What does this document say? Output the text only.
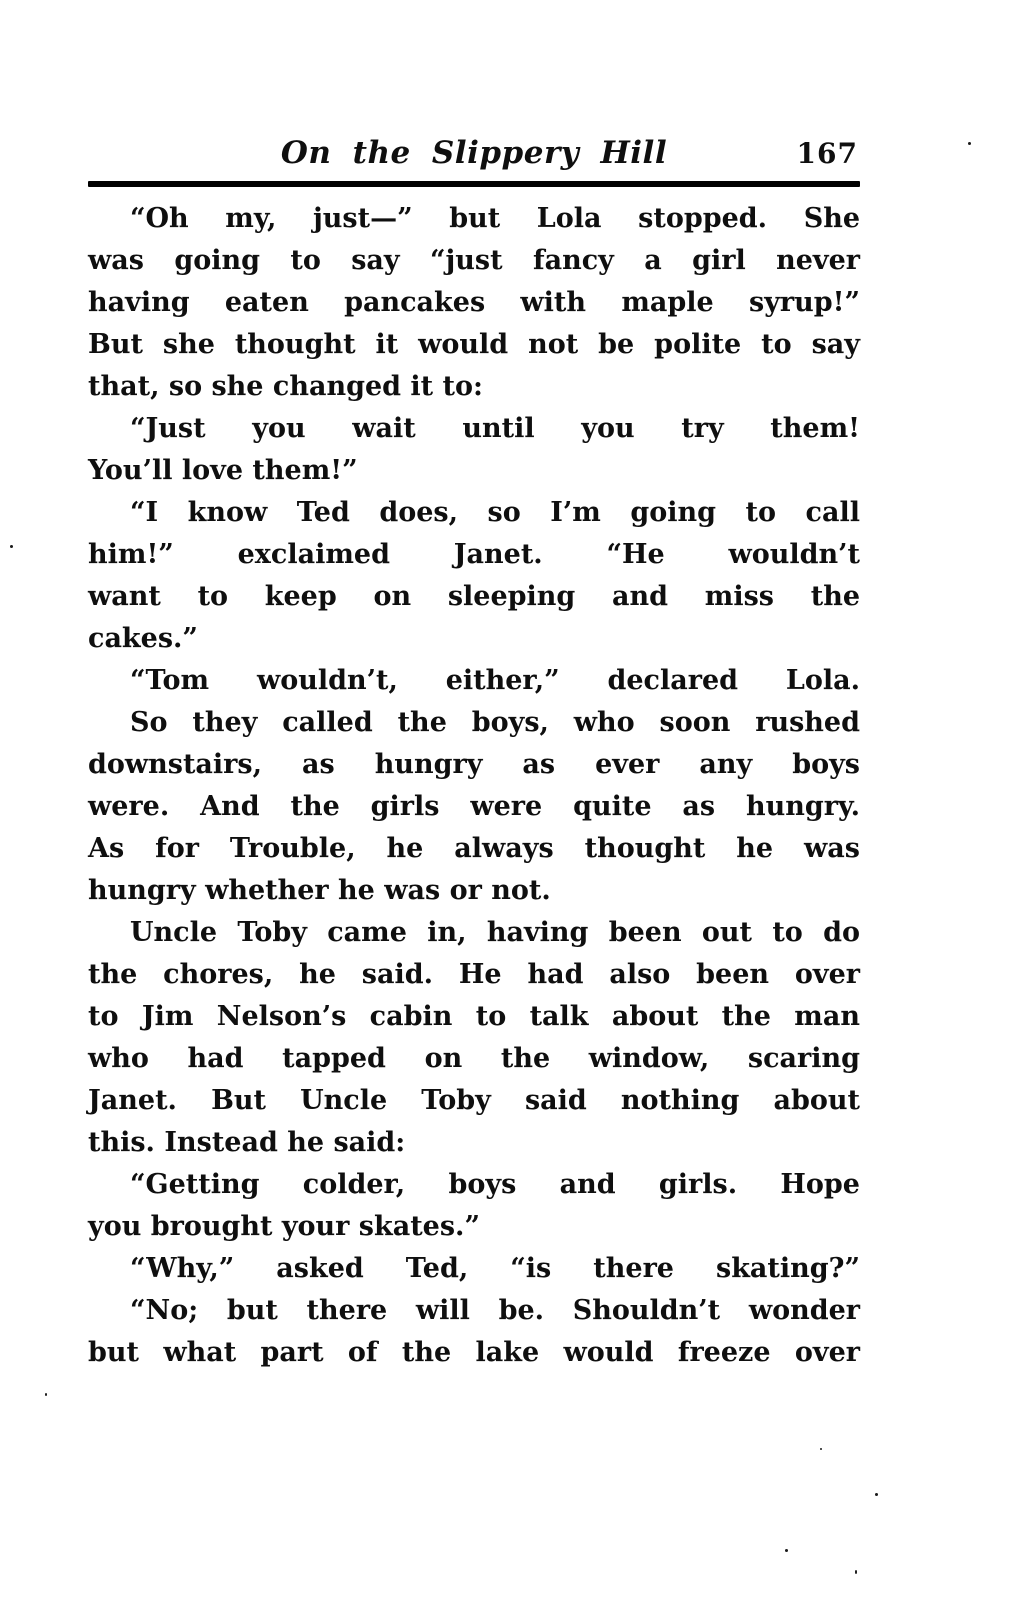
On the Slippery Hill	167
“Oh my, just—” but Lola stopped. She
was going to say “just fancy a girl never
having eaten pancakes with maple syrup!”
But she thought it would not be polite to say
that, so she changed it to:
“Just you wait until you try them!
You’ll love them!”
“I know Ted does, so I’m going to call
him!” exclaimed Janet. “He wouldn’t
want to keep on sleeping and miss the
cakes.”
“Tom wouldn’t, either,” declared Lola.
So they called the boys, who soon rushed
downstairs, as hungry as ever any boys
were. And the girls were quite as hungry.
As for Trouble, he always thought he was
hungry whether he was or not.
Uncle Toby came in, having been out to do
the chores, he said. He had also been over
to Jim Nelson’s cabin to talk about the man
who had tapped on the window, scaring
Janet. But Uncle Toby said nothing about
this. Instead he said:
“Getting colder, boys and girls. Hope
you brought your skates.”
“Why,” asked Ted, “is there skating?”
“No; but there will be. Shouldn’t wonder
but what part of the lake would freeze over
